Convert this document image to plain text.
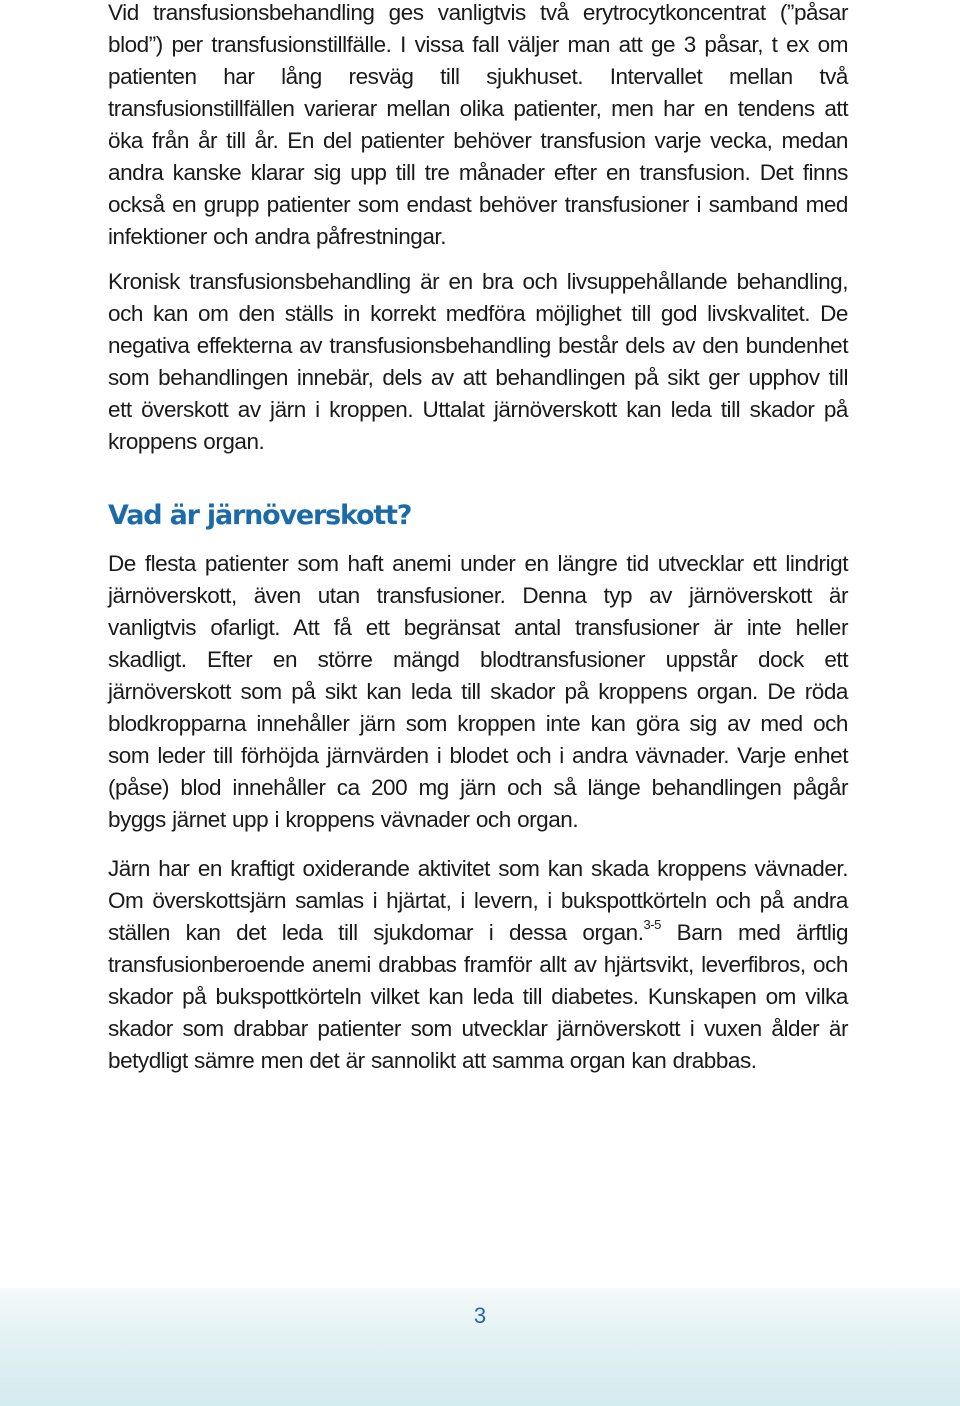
Vid transfusionsbehandling ges vanligtvis två erytrocytkoncentrat (”påsar blod”) per transfusionstillfälle. I vissa fall väljer man att ge 3 påsar, t ex om patienten har lång resväg till sjukhuset. Intervallet mellan två transfusionstillfällen varierar mellan olika patienter, men har en tendens att öka från år till år. En del patienter behöver transfusion varje vecka, medan andra kanske klarar sig upp till tre månader efter en transfusion. Det finns också en grupp patienter som endast behöver transfusioner i samband med infektioner och andra påfrestningar.

Kronisk transfusionsbehandling är en bra och livsuppehållande behandling, och kan om den ställs in korrekt medföra möjlighet till god livskvalitet. De negativa effekterna av transfusionsbehandling består dels av den bundenhet som behandlingen innebär, dels av att behandlingen på sikt ger upphov till ett överskott av järn i kroppen. Uttalat järnöverskott kan leda till skador på kroppens organ.

Vad är järnöverskott?

De flesta patienter som haft anemi under en längre tid utvecklar ett lindrigt järnöverskott, även utan transfusioner. Denna typ av järnöverskott är vanligtvis ofarligt. Att få ett begränsat antal transfusioner är inte heller skadligt. Efter en större mängd blodtransfusioner uppstår dock ett järnöverskott som på sikt kan leda till skador på kroppens organ. De röda blodkropparna innehåller järn som kroppen inte kan göra sig av med och som leder till förhöjda järnvärden i blodet och i andra vävnader. Varje enhet (påse) blod innehåller ca 200 mg järn och så länge behandlingen pågår byggs järnet upp i kroppens vävnader och organ.

Järn har en kraftigt oxiderande aktivitet som kan skada kroppens vävnader. Om överskottsjärn samlas i hjärtat, i levern, i bukspottkörteln och på andra ställen kan det leda till sjukdomar i dessa organ.$^{3-5}$ Barn med ärftlig transfusionberoende anemi drabbas framför allt av hjärtsvikt, leverfibros, och skador på bukspottkörteln vilket kan leda till diabetes. Kunskapen om vilka skador som drabbar patienter som utvecklar järnöverskott i vuxen ålder är betydligt sämre men det är sannolikt att samma organ kan drabbas.

3
